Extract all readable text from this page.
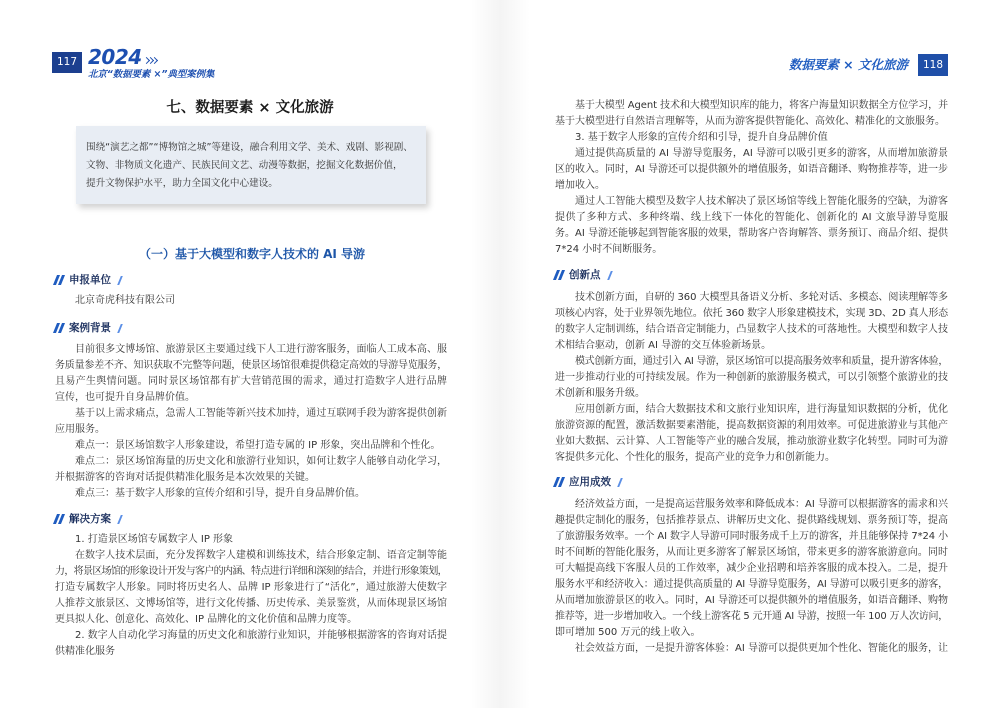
117 2024
北京“数据要素 ×”典型案例集
数据要素 × 文化旅游	118
七、数据要素 × 文化旅游
围绕“演艺之都”“博物馆之城”等建设，融合利用文学、美术、戏剧、影视剧、
文物、非物质文化遗产、民族民间文艺、动漫等数据，挖掘文化数据价值，
提升文物保护水平，助力全国文化中心建设。
（一）基于大模型和数字人技术的 AI 导游
申报单位
北京奇虎科技有限公司
案例背景
目前很多文博场馆、旅游景区主要通过线下人工进行游客服务，面临人工成本高、服
务质量参差不齐、知识获取不完整等问题，使景区场馆很难提供稳定高效的导游导览服务，
且易产生舆情问题。同时景区场馆都有扩大营销范围的需求，通过打造数字人进行品牌
宣传，也可提升自身品牌价值。
基于以上需求痛点，急需人工智能等新兴技术加持，通过互联网手段为游客提供创新
应用服务。
难点一：景区场馆数字人形象建设，希望打造专属的 IP 形象，突出品牌和个性化。
难点二：景区场馆海量的历史文化和旅游行业知识，如何让数字人能够自动化学习，
并根据游客的咨询对话提供精准化服务是本次效果的关键。
难点三：基于数字人形象的宣传介绍和引导，提升自身品牌价值。
解决方案
1. 打造景区场馆专属数字人 IP 形象
在数字人技术层面，充分发挥数字人建模和训练技术，结合形象定制、语音定制等能
力，将景区场馆的形象设计开发与客户的内涵、特点进行详细和深刻的结合，并进行形象策划，
打造专属数字人形象。同时将历史名人、品牌 IP 形象进行了“活化”，通过旅游大使数字
人推荐文旅景区、文博场馆等，进行文化传播、历史传承、美景鉴赏，从而体现景区场馆
更具拟人化、创意化、高效化、IP 品牌化的文化价值和品牌力度等。
2. 数字人自动化学习海量的历史文化和旅游行业知识，并能够根据游客的咨询对话提
供精准化服务
基于大模型 Agent 技术和大模型知识库的能力，将客户海量知识数据全方位学习，并
基于大模型进行自然语言理解等，从而为游客提供智能化、高效化、精准化的文旅服务。
3. 基于数字人形象的宣传介绍和引导，提升自身品牌价值
通过提供高质量的 AI 导游导览服务，AI 导游可以吸引更多的游客，从而增加旅游景
区的收入。同时，AI 导游还可以提供额外的增值服务，如语音翻译、购物推荐等，进一步
增加收入。
通过人工智能大模型及数字人技术解决了景区场馆等线上智能化服务的空缺，为游客
提供了多种方式、多种终端、线上线下一体化的智能化、创新化的 AI 文旅导游导览服
务。AI 导游还能够起到智能客服的效果，帮助客户咨询解答、票务预订、商品介绍、提供
7*24 小时不间断服务。
创新点
技术创新方面，自研的 360 大模型具备语义分析、多轮对话、多模态、阅读理解等多
项核心内容，处于业界领先地位。依托 360 数字人形象建模技术，实现 3D、2D 真人形态
的数字人定制训练，结合语音定制能力，凸显数字人技术的可落地性。大模型和数字人技
术相结合驱动，创新 AI 导游的交互体验新场景。
模式创新方面，通过引入 AI 导游，景区场馆可以提高服务效率和质量，提升游客体验，
进一步推动行业的可持续发展。作为一种创新的旅游服务模式，可以引领整个旅游业的技
术创新和服务升级。
应用创新方面，结合大数据技术和文旅行业知识库，进行海量知识数据的分析，优化
旅游资源的配置，激活数据要素潜能，提高数据资源的利用效率。可促进旅游业与其他产
业如大数据、云计算、人工智能等产业的融合发展，推动旅游业数字化转型。同时可为游
客提供多元化、个性化的服务，提高产业的竞争力和创新能力。
应用成效
经济效益方面，一是提高运营服务效率和降低成本：AI 导游可以根据游客的需求和兴
趣提供定制化的服务，包括推荐景点、讲解历史文化、提供路线规划、票务预订等，提高
了旅游服务效率。一个 AI 数字人导游可同时服务成千上万的游客，并且能够保持 7*24 小
时不间断的智能化服务，从而让更多游客了解景区场馆，带来更多的游客旅游意向。同时
可大幅提高线下客服人员的工作效率，减少企业招聘和培养客服的成本投入。二是，提升
服务水平和经济收入：通过提供高质量的 AI 导游导览服务，AI 导游可以吸引更多的游客，
从而增加旅游景区的收入。同时，AI 导游还可以提供额外的增值服务，如语音翻译、购物
推荐等，进一步增加收入。一个线上游客花 5 元开通 AI 导游，按照一年 100 万人次访问，
即可增加 500 万元的线上收入。
社会效益方面，一是提升游客体验：AI 导游可以提供更加个性化、智能化的服务，让
